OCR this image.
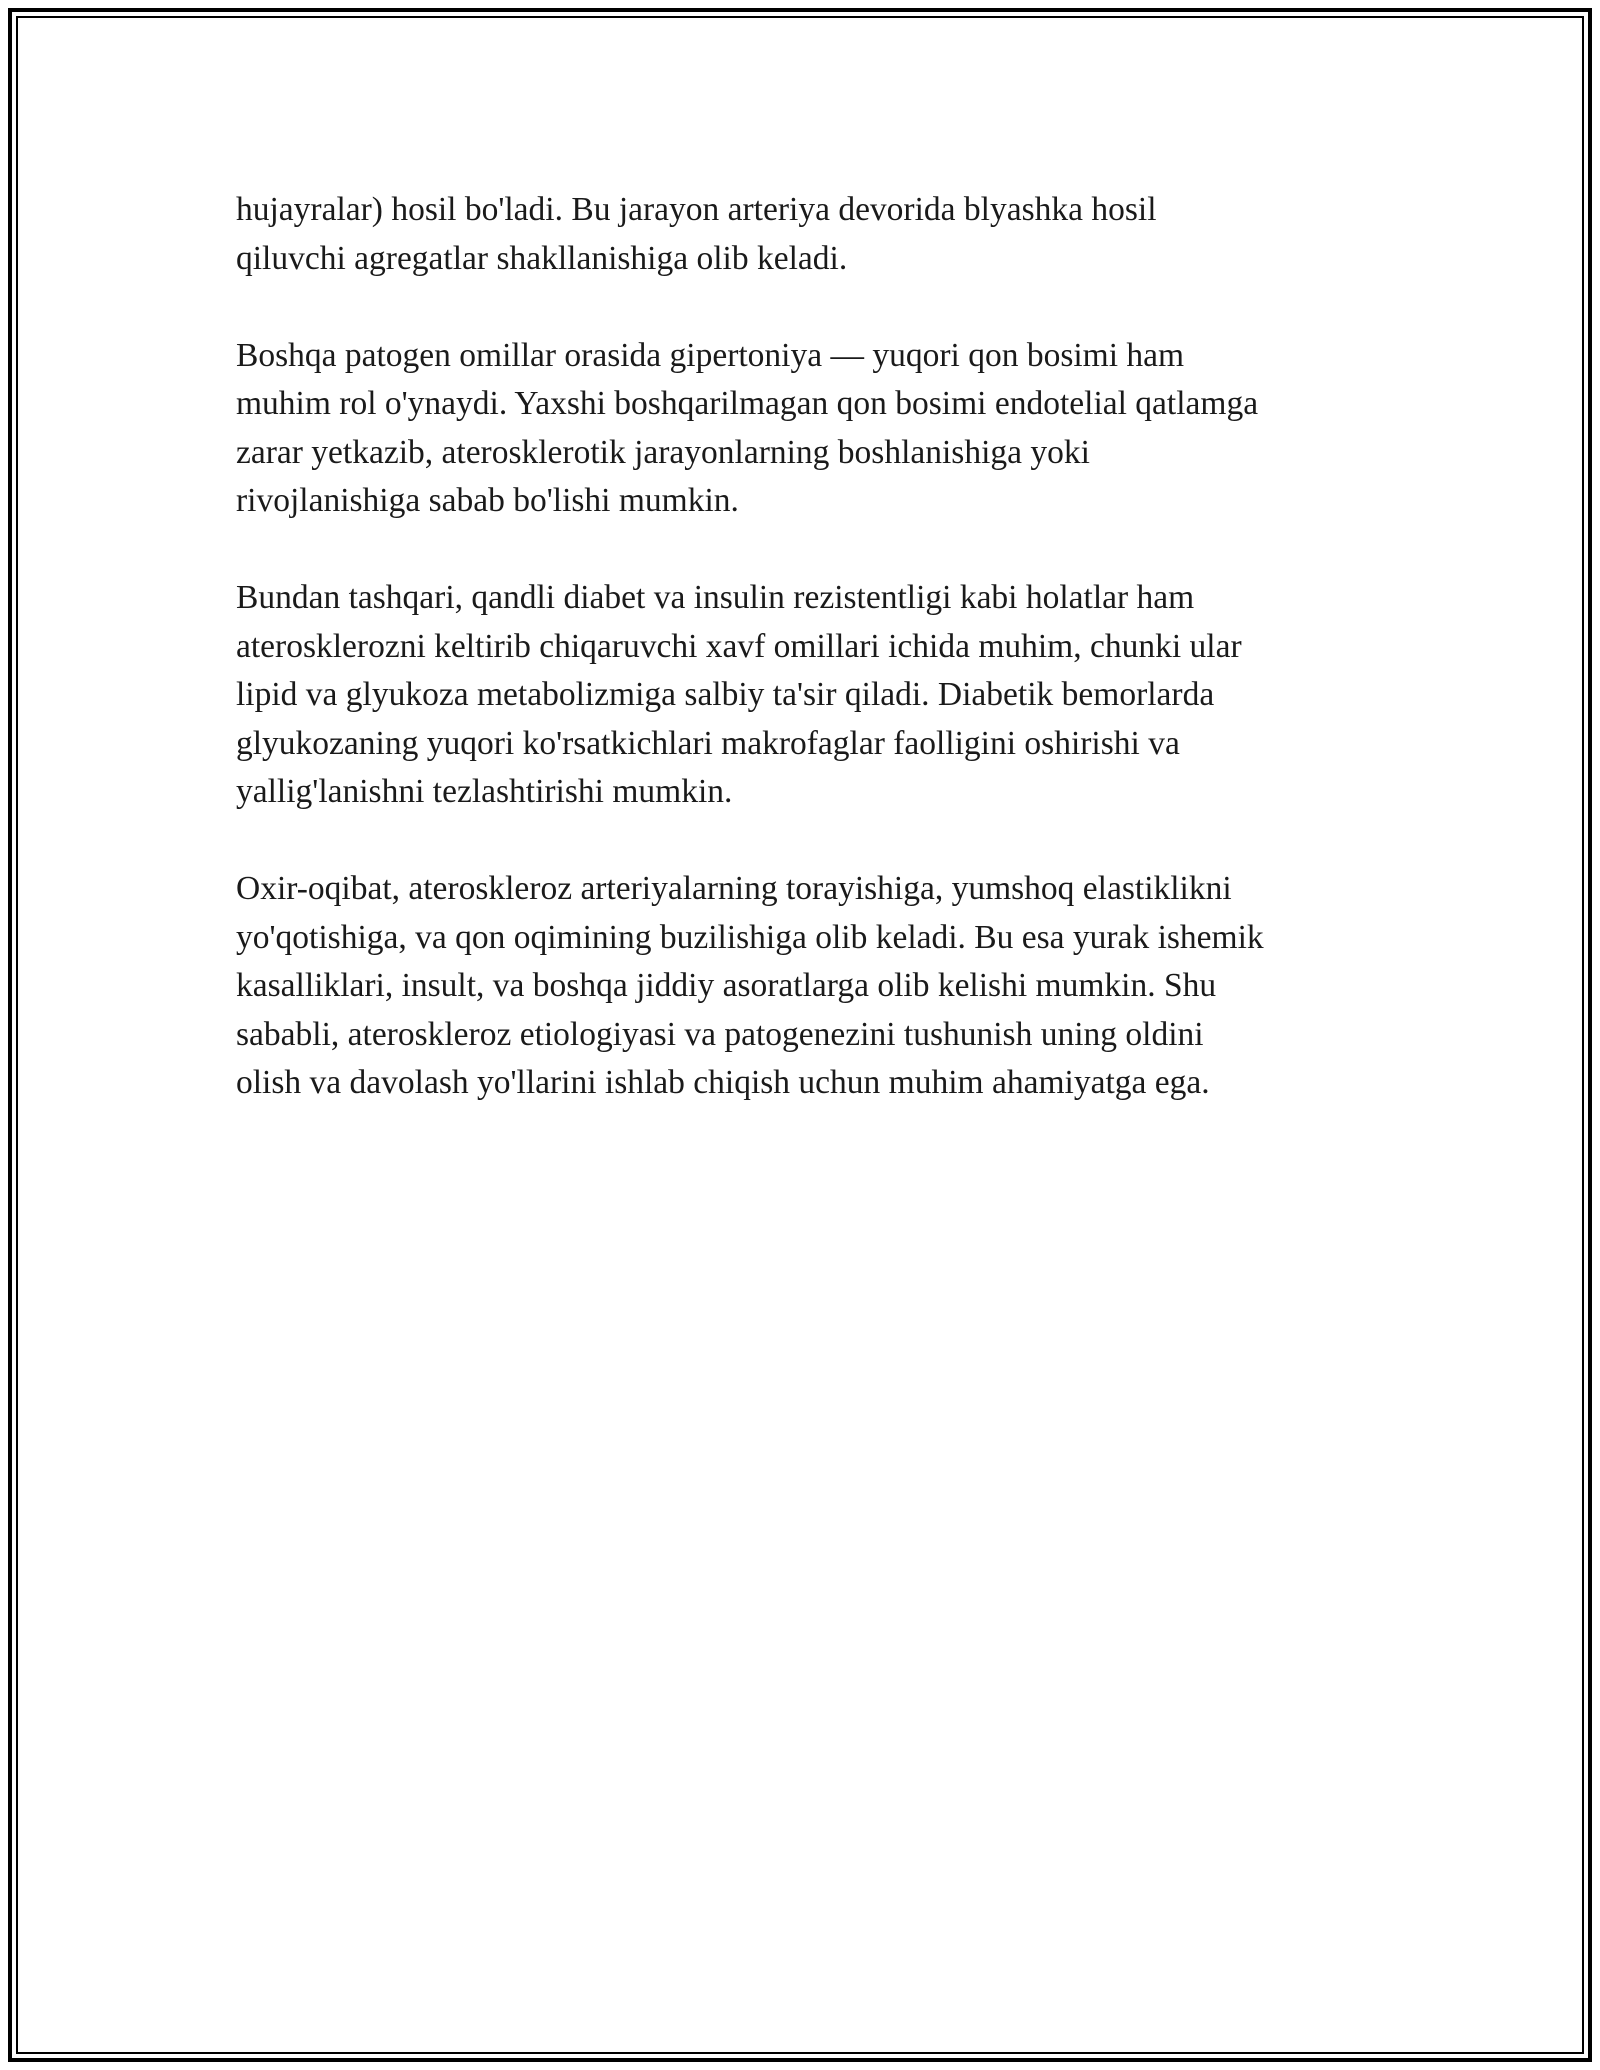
hujayralar) hosil bo'ladi. Bu jarayon arteriya devorida blyashka hosil
qiluvchi agregatlar shakllanishiga olib keladi.

Boshqa patogen omillar orasida gipertoniya — yuqori qon bosimi ham
muhim rol o'ynaydi. Yaxshi boshqarilmagan qon bosimi endotelial qatlamga
zarar yetkazib, aterosklerotik jarayonlarning boshlanishiga yoki
rivojlanishiga sabab bo'lishi mumkin.

Bundan tashqari, qandli diabet va insulin rezistentligi kabi holatlar ham
aterosklerozni keltirib chiqaruvchi xavf omillari ichida muhim, chunki ular
lipid va glyukoza metabolizmiga salbiy ta'sir qiladi. Diabetik bemorlarda
glyukozaning yuqori ko'rsatkichlari makrofaglar faolligini oshirishi va
yallig'lanishni tezlashtirishi mumkin.

Oxir-oqibat, ateroskleroz arteriyalarning torayishiga, yumshoq elastiklikni
yo'qotishiga, va qon oqimining buzilishiga olib keladi. Bu esa yurak ishemik
kasalliklari, insult, va boshqa jiddiy asoratlarga olib kelishi mumkin. Shu
sababli, ateroskleroz etiologiyasi va patogenezini tushunish uning oldini
olish va davolash yo'llarini ishlab chiqish uchun muhim ahamiyatga ega.
